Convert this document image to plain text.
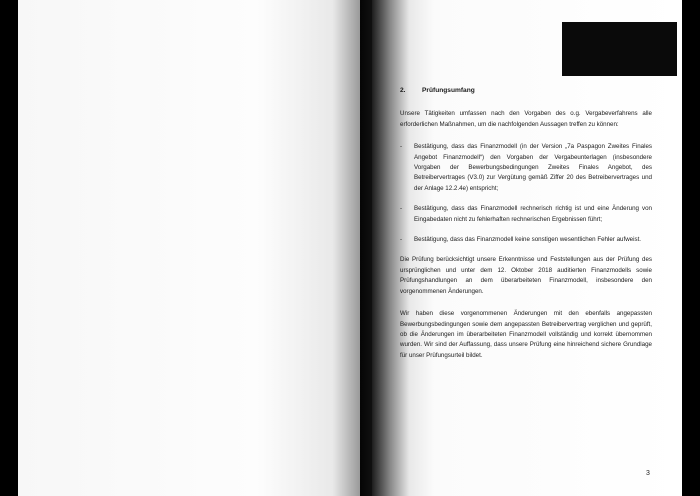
2.	Prüfungsumfang

Unsere Tätigkeiten umfassen nach den Vorgaben des o.g. Vergabeverfahrens alle erforderlichen Maßnahmen, um die nachfolgenden Aussagen treffen zu können:

- Bestätigung, dass das Finanzmodell (in der Version „7a Paspagon Zweites Finales Angebot Finanzmodell“) den Vorgaben der Vergabeunterlagen (insbesondere Vorgaben der Bewerbungsbedingungen Zweites Finales Angebot, des Betreibervertrages (V3.0) zur Vergütung gemäß Ziffer 20 des Betreibervertrages und der Anlage 12.2.4e) entspricht;
- Bestätigung, dass das Finanzmodell rechnerisch richtig ist und eine Änderung von Eingabedaten nicht zu fehlerhaften rechnerischen Ergebnissen führt;
- Bestätigung, dass das Finanzmodell keine sonstigen wesentlichen Fehler aufweist.

Die Prüfung berücksichtigt unsere Erkenntnisse und Feststellungen aus der Prüfung des ursprünglichen und unter dem 12. Oktober 2018 auditierten Finanzmodells sowie Prüfungshandlungen an dem überarbeiteten Finanzmodell, insbesondere den vorgenommenen Änderungen.

Wir haben diese vorgenommenen Änderungen mit den ebenfalls angepassten Bewerbungsbedingungen sowie dem angepassten Betreibervertrag verglichen und geprüft, ob die Änderungen im überarbeiteten Finanzmodell vollständig und korrekt übernommen wurden. Wir sind der Auffassung, dass unsere Prüfung eine hinreichend sichere Grundlage für unser Prüfungsurteil bildet.

3
